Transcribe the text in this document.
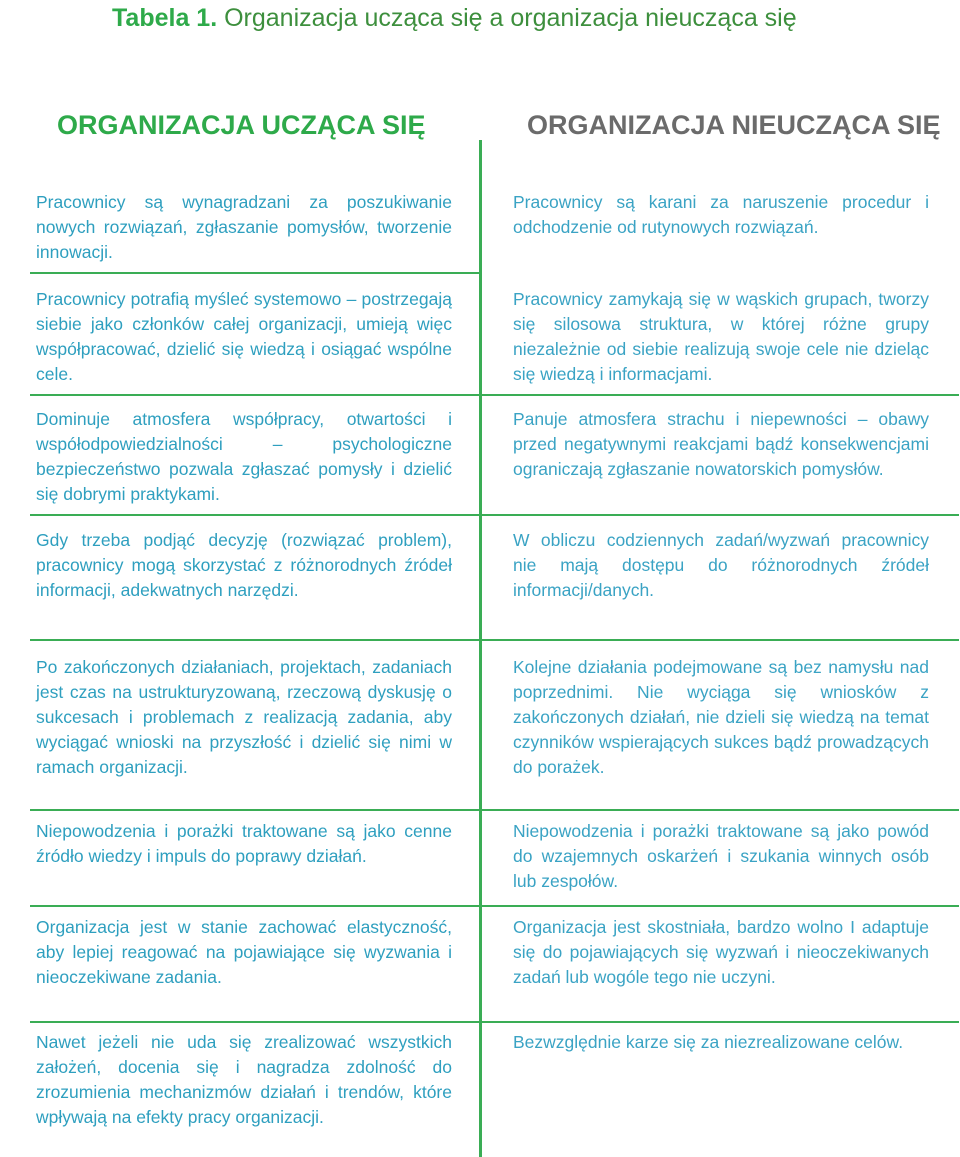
Tabela 1. Organizacja ucząca się a organizacja nieucząca się
ORGANIZACJA UCZĄCA SIĘ	ORGANIZACJA NIEUCZĄCA SIĘ

Pracownicy są wynagradzani za poszukiwanie nowych rozwiązań, zgłaszanie pomysłów, tworzenie innowacji.

Pracownicy są karani za naruszenie procedur i odchodzenie od rutynowych rozwiązań.

Pracownicy potrafią myśleć systemowo – postrzegają siebie jako członków całej organizacji, umieją więc współpracować, dzielić się wiedzą i osiągać wspólne cele.

Pracownicy zamykają się w wąskich grupach, tworzy się silosowa struktura, w której różne grupy niezależnie od siebie realizują swoje cele nie dzieląc się wiedzą i informacjami.

Dominuje atmosfera współpracy, otwartości i współodpowiedzialności – psychologiczne bezpieczeństwo pozwala zgłaszać pomysły i dzielić się dobrymi praktykami.

Panuje atmosfera strachu i niepewności – obawy przed negatywnymi reakcjami bądź konsekwencjami ograniczają zgłaszanie nowatorskich pomysłów.

Gdy trzeba podjąć decyzję (rozwiązać problem), pracownicy mogą skorzystać z różnorodnych źródeł informacji, adekwatnych narzędzi.

W obliczu codziennych zadań/wyzwań pracownicy nie mają dostępu do różnorodnych źródeł informacji/danych.

Po zakończonych działaniach, projektach, zadaniach jest czas na ustrukturyzowaną, rzeczową dyskusję o sukcesach i problemach z realizacją zadania, aby wyciągać wnioski na przyszłość i dzielić się nimi w ramach organizacji.

Kolejne działania podejmowane są bez namysłu nad poprzednimi. Nie wyciąga się wniosków z zakończonych działań, nie dzieli się wiedzą na temat czynników wspierających sukces bądź prowadzących do porażek.

Niepowodzenia i porażki traktowane są jako cenne źródło wiedzy i impuls do poprawy działań.

Niepowodzenia i porażki traktowane są jako powód do wzajemnych oskarżeń i szukania winnych osób lub zespołów.

Organizacja jest w stanie zachować elastyczność, aby lepiej reagować na pojawiające się wyzwania i nieoczekiwane zadania.

Organizacja jest skostniała, bardzo wolno I adaptuje się do pojawiających się wyzwań i nieoczekiwanych zadań lub wogóle tego nie uczyni.

Nawet jeżeli nie uda się zrealizować wszystkich założeń, docenia się i nagradza zdolność do zrozumienia mechanizmów działań i trendów, które wpływają na efekty pracy organizacji.

Bezwzględnie karze się za niezrealizowane celów.
